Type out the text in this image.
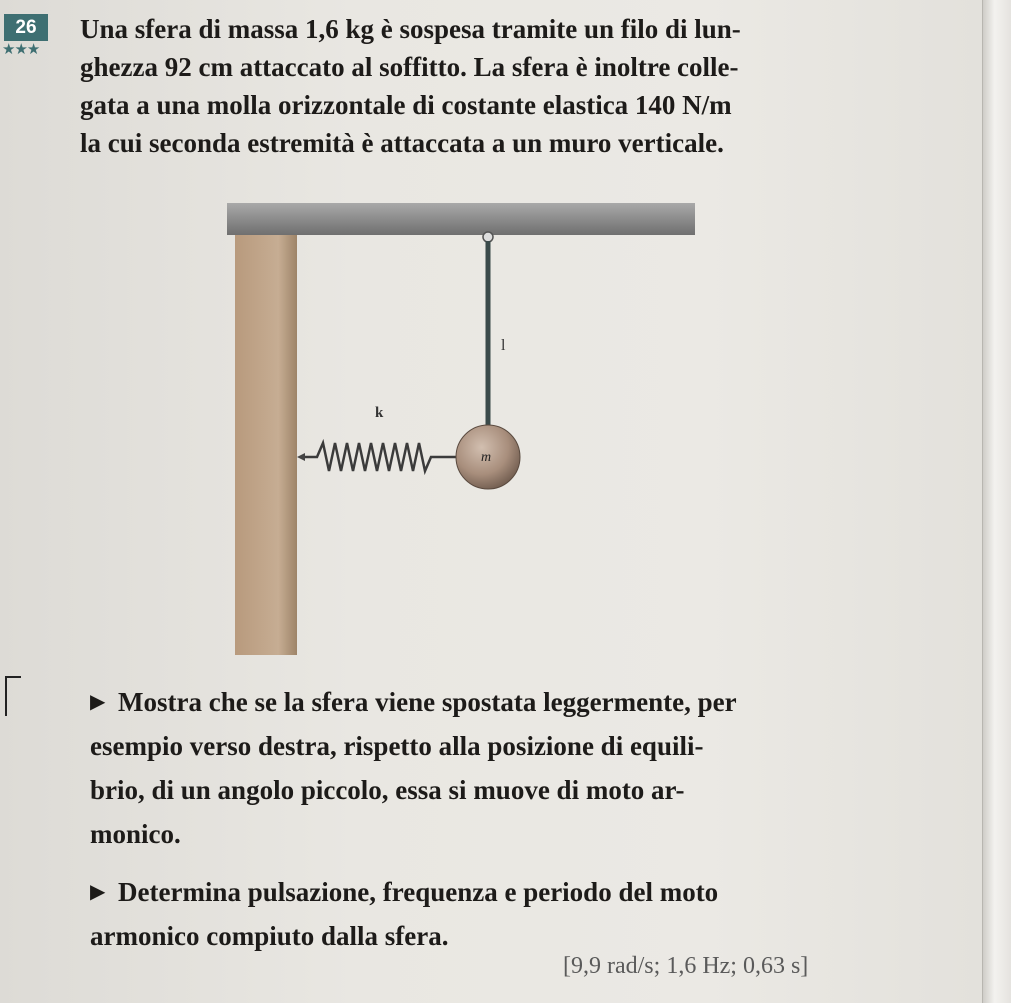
26
★★★

Una sfera di massa 1,6 kg è sospesa tramite un filo di lun-
ghezza 92 cm attaccato al soffitto. La sfera è inoltre colle-
gata a una molla orizzontale di costante elastica 140 N/m
la cui seconda estremità è attaccata a un muro verticale.

l
k
m
▶ Mostra che se la sfera viene spostata leggermente, per
esempio verso destra, rispetto alla posizione di equili-
brio, di un angolo piccolo, essa si muove di moto ar-
monico.
▶ Determina pulsazione, frequenza e periodo del moto
armonico compiuto dalla sfera.
[9,9 rad/s; 1,6 Hz; 0,63 s]
